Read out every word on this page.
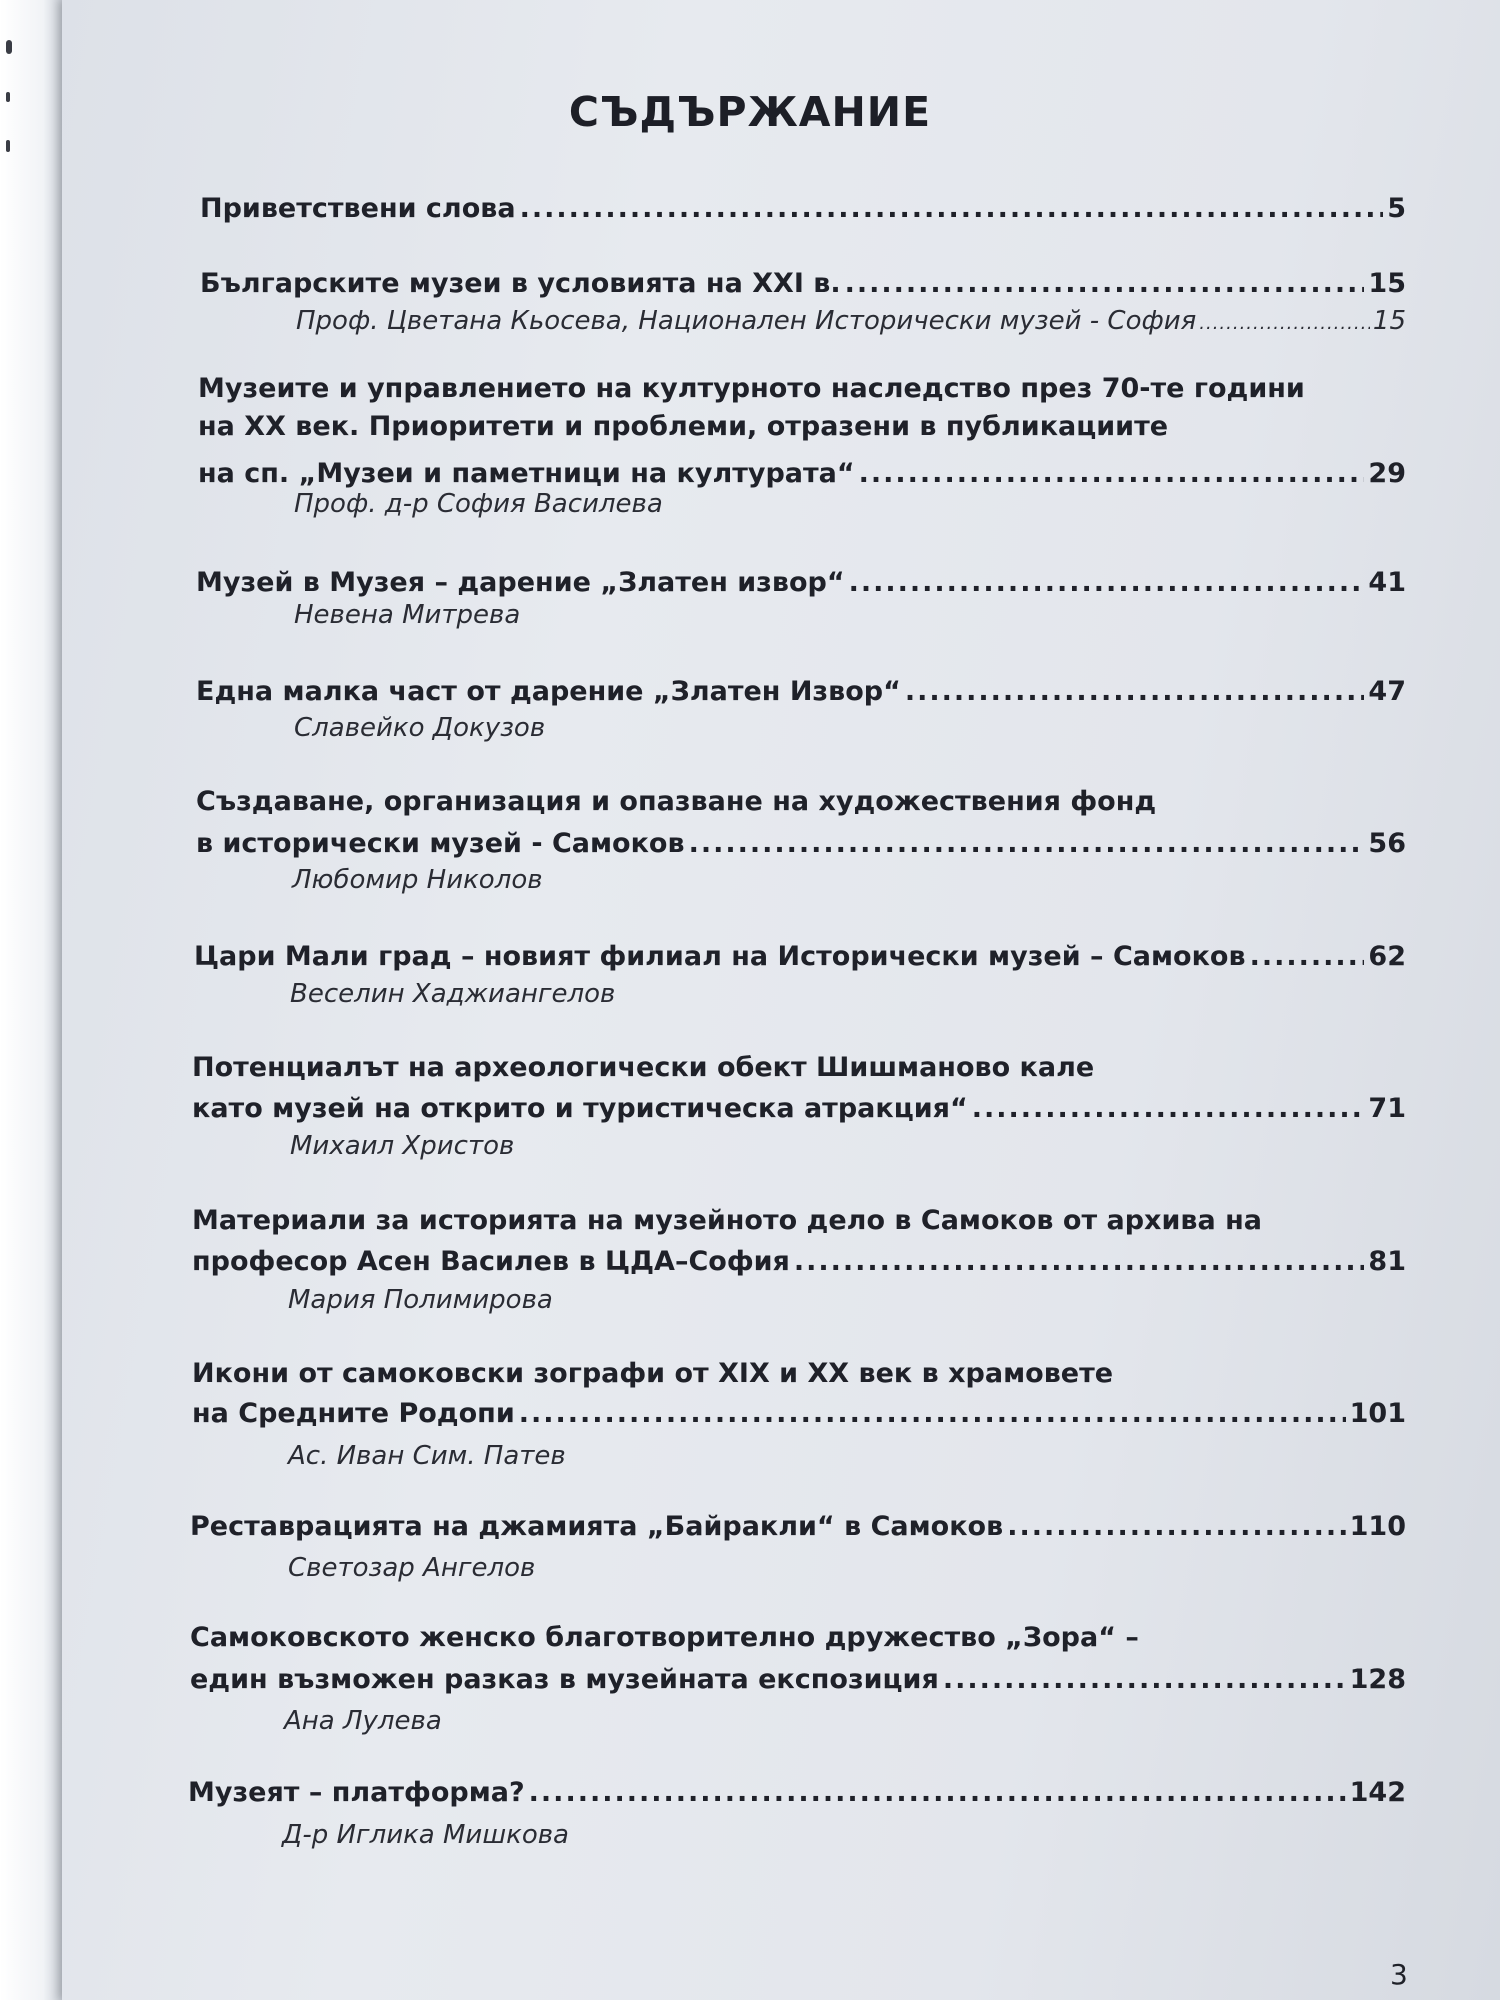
СЪДЪРЖАНИЕ
Приветствени слова .....	5
Българските музеи в условията на XXI в. .....	15
Проф. Цветана Кьосева, Национален Исторически музей - София .....	15
Музеите и управлението на културното наследство през 70-те години
на XX век. Приоритети и проблеми, отразени в публикациите
на сп. „Музеи и паметници на културата“ .....	29
Проф. д-р София Василева
Музей в Музея – дарение „Златен извор“ .....	41
Невена Митрева
Една малка част от дарение „Златен Извор“ .....	47
Славейко Докузов
Създаване, организация и опазване на художествения фонд
в исторически музей - Самоков .....	56
Любомир Николов
Цари Мали град – новият филиал на Исторически музей – Самоков .....	62
Веселин Хаджиангелов
Потенциалът на археологически обект Шишманово кале
като музей на открито и туристическа атракция“ .....	71
Михаил Христов
Материали за историята на музейното дело в Самоков от архива на
професор Асен Василев в ЦДА–София .....	81
Мария Полимирова
Икони от самоковски зографи от XIX и XX век в храмовете
на Средните Родопи .....	101
Ас. Иван Сим. Патев
Реставрацията на джамията „Байракли“ в Самоков .....	110
Светозар Ангелов
Самоковското женско благотворително дружество „Зора“ –
един възможен разказ в музейната експозиция .....	128
Ана Лулева
Музеят – платформа? .....	142
Д-р Иглика Мишкова
3
